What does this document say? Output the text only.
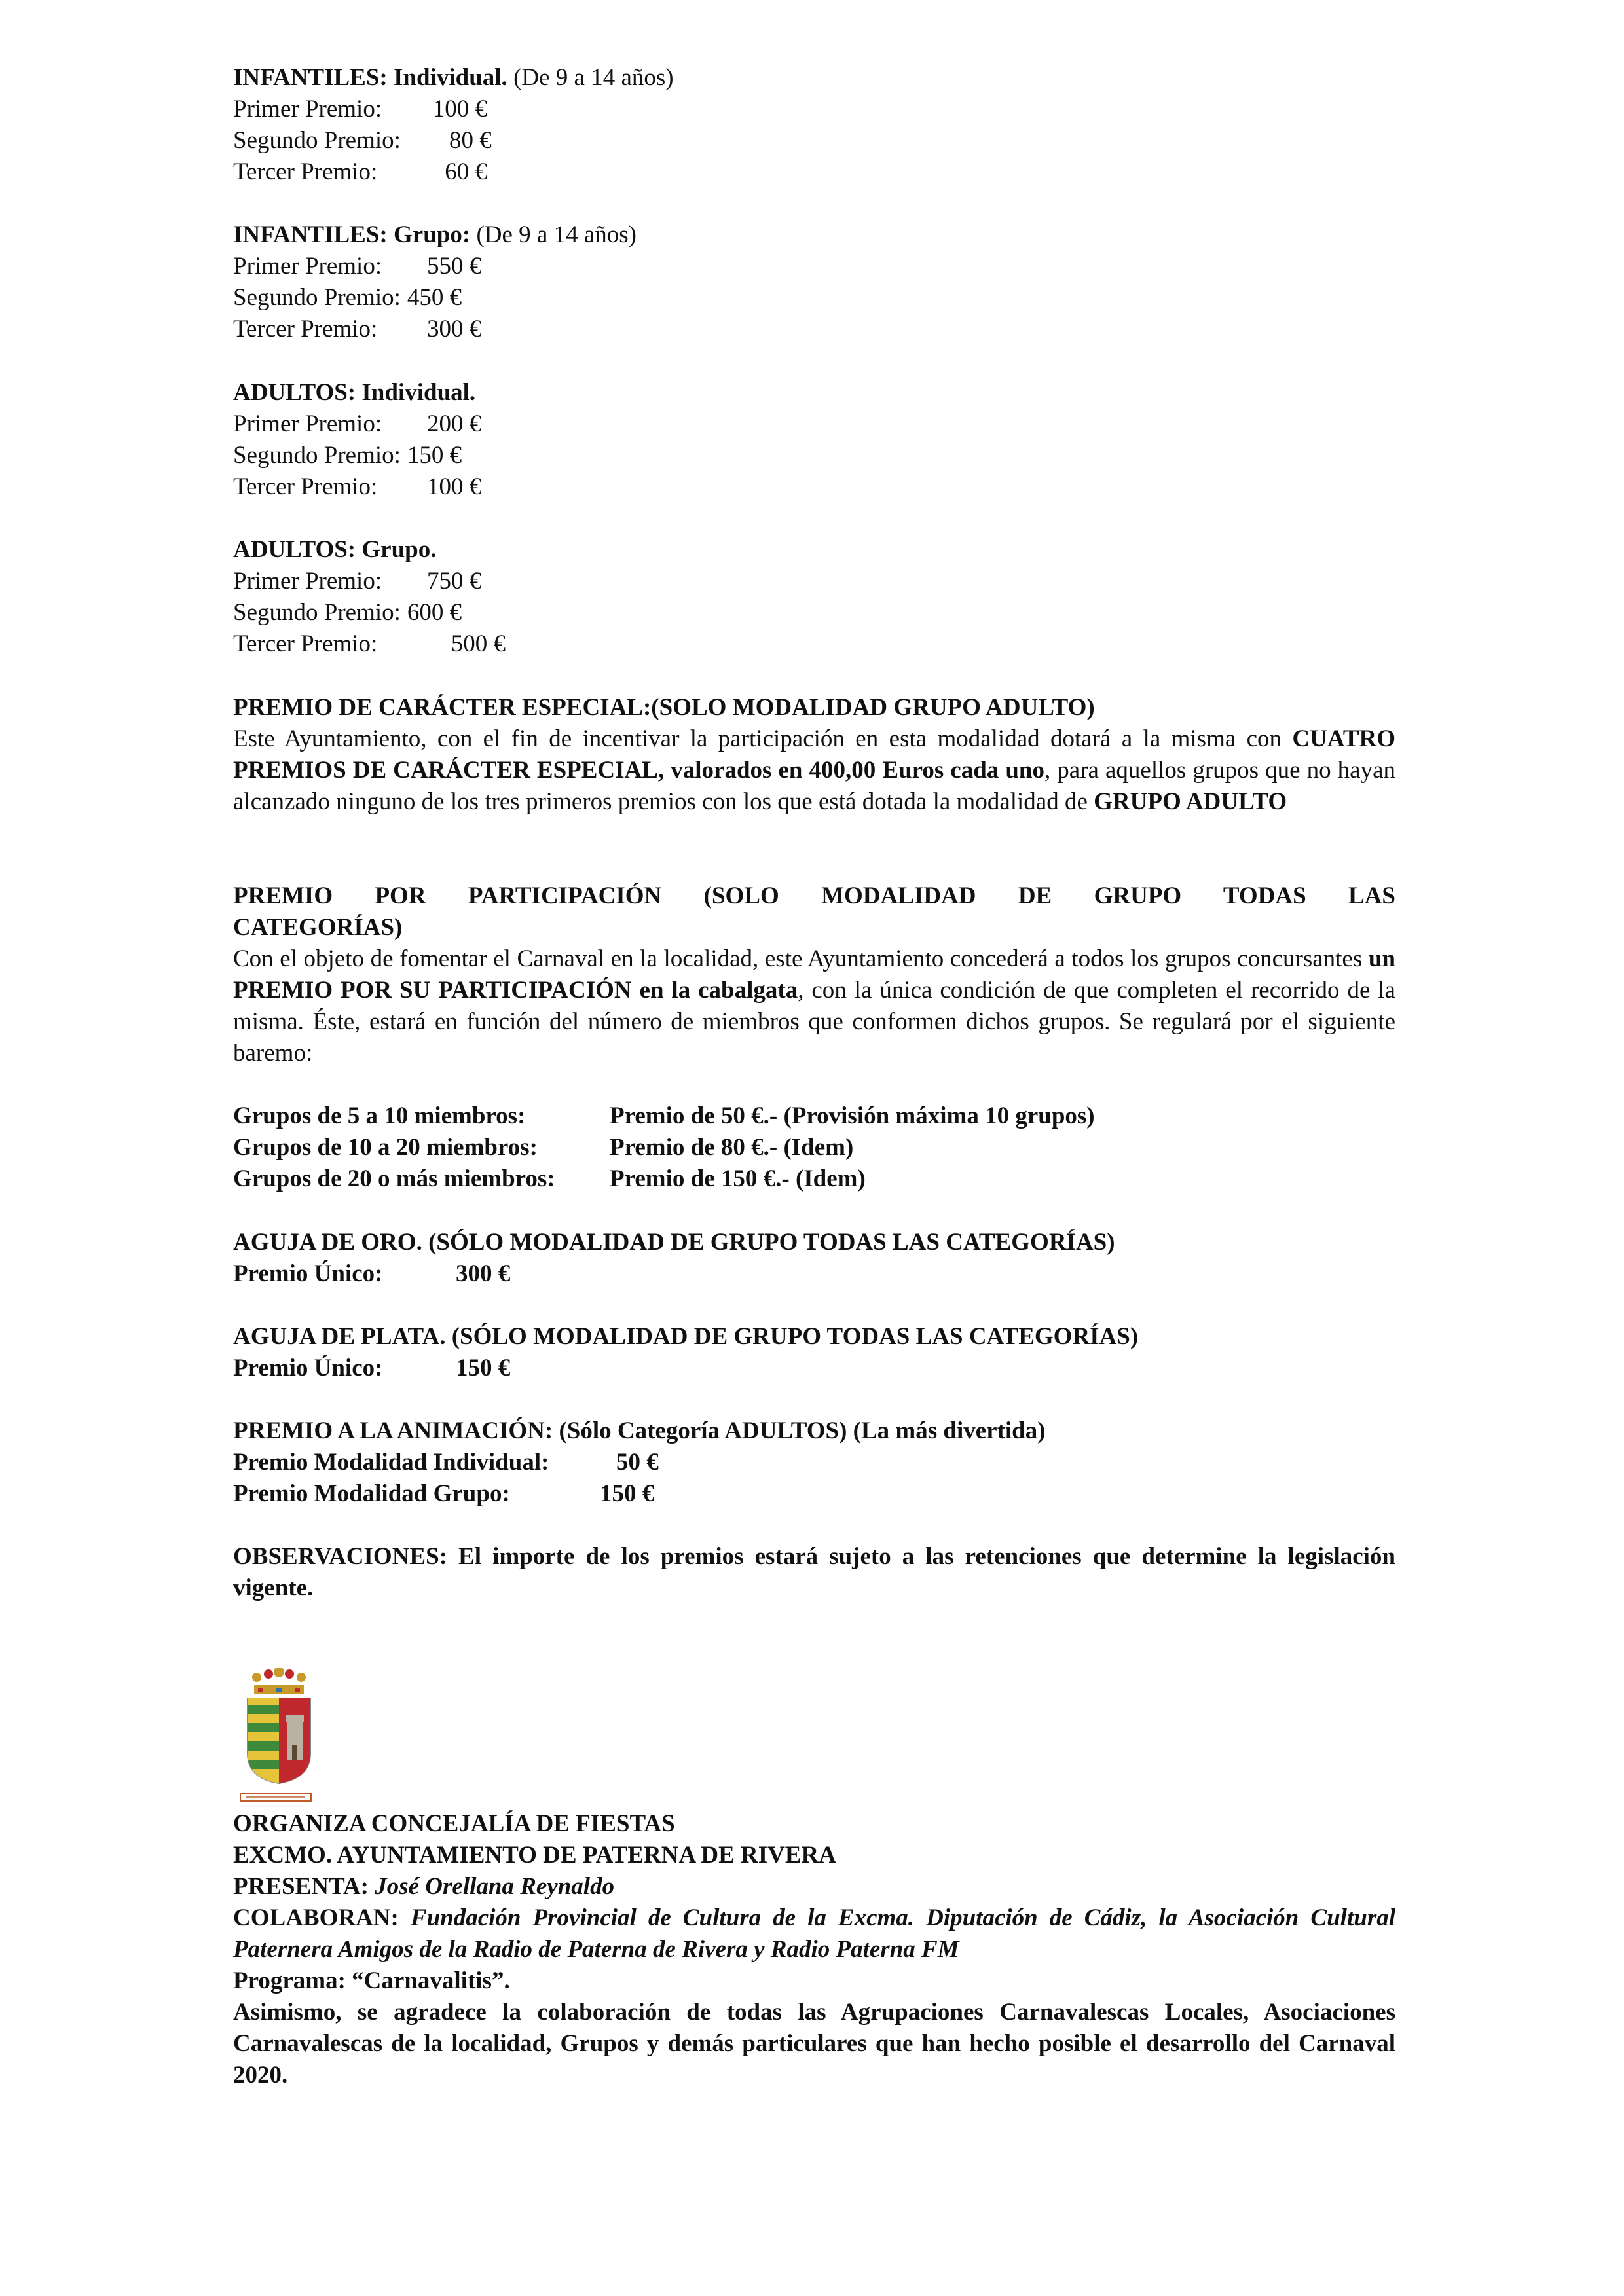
INFANTILES: Individual. (De 9 a 14 años)
Primer Premio:	100 €
Segundo Premio:	80 €
Tercer Premio:	60 €
INFANTILES: Grupo: (De 9 a 14 años)
Primer Premio:	550 €
Segundo Premio: 450 €
Tercer Premio:	300 €
ADULTOS: Individual.
Primer Premio:	200 €
Segundo Premio: 150 €
Tercer Premio:	100 €
ADULTOS: Grupo.
Primer Premio:	750 €
Segundo Premio: 600 €
Tercer Premio:	500 €
PREMIO DE CARÁCTER ESPECIAL:(SOLO MODALIDAD GRUPO ADULTO)
Este Ayuntamiento, con el fin de incentivar la participación en esta modalidad dotará a la misma con CUATRO PREMIOS DE CARÁCTER ESPECIAL, valorados en 400,00 Euros cada uno, para aquellos grupos que no hayan alcanzado ninguno de los tres primeros premios con los que está dotada la modalidad de GRUPO ADULTO
PREMIO POR PARTICIPACIÓN (SOLO MODALIDAD DE GRUPO TODAS LAS CATEGORÍAS)
Con el objeto de fomentar el Carnaval en la localidad, este Ayuntamiento concederá a todos los grupos concursantes un PREMIO POR SU PARTICIPACIÓN en la cabalgata, con la única condición de que completen el recorrido de la misma. Éste, estará en función del número de miembros que conformen dichos grupos. Se regulará por el siguiente baremo:
Grupos de 5 a 10 miembros:	Premio de 50 €.- (Provisión máxima 10 grupos)
Grupos de 10 a 20 miembros:	Premio de 80 €.- (Idem)
Grupos de 20 o más miembros:	Premio de 150 €.- (Idem)
AGUJA DE ORO. (SÓLO MODALIDAD DE GRUPO TODAS LAS CATEGORÍAS)
Premio Único:	300 €
AGUJA DE PLATA. (SÓLO MODALIDAD DE GRUPO TODAS LAS CATEGORÍAS)
Premio Único:	150 €
PREMIO A LA ANIMACIÓN: (Sólo Categoría ADULTOS) (La más divertida)
Premio Modalidad Individual:	50 €
Premio Modalidad Grupo:	150 €
OBSERVACIONES: El importe de los premios estará sujeto a las retenciones que determine la legislación vigente.
ORGANIZA CONCEJALÍA DE FIESTAS
EXCMO. AYUNTAMIENTO DE PATERNA DE RIVERA
PRESENTA: José Orellana Reynaldo
COLABORAN: Fundación Provincial de Cultura de la Excma. Diputación de Cádiz, la Asociación Cultural Paternera Amigos de la Radio de Paterna de Rivera y Radio Paterna FM
Programa: “Carnavalitis”.
Asimismo, se agradece la colaboración de todas las Agrupaciones Carnavalescas Locales, Asociaciones Carnavalescas de la localidad, Grupos y demás particulares que han hecho posible el desarrollo del Carnaval 2020.
